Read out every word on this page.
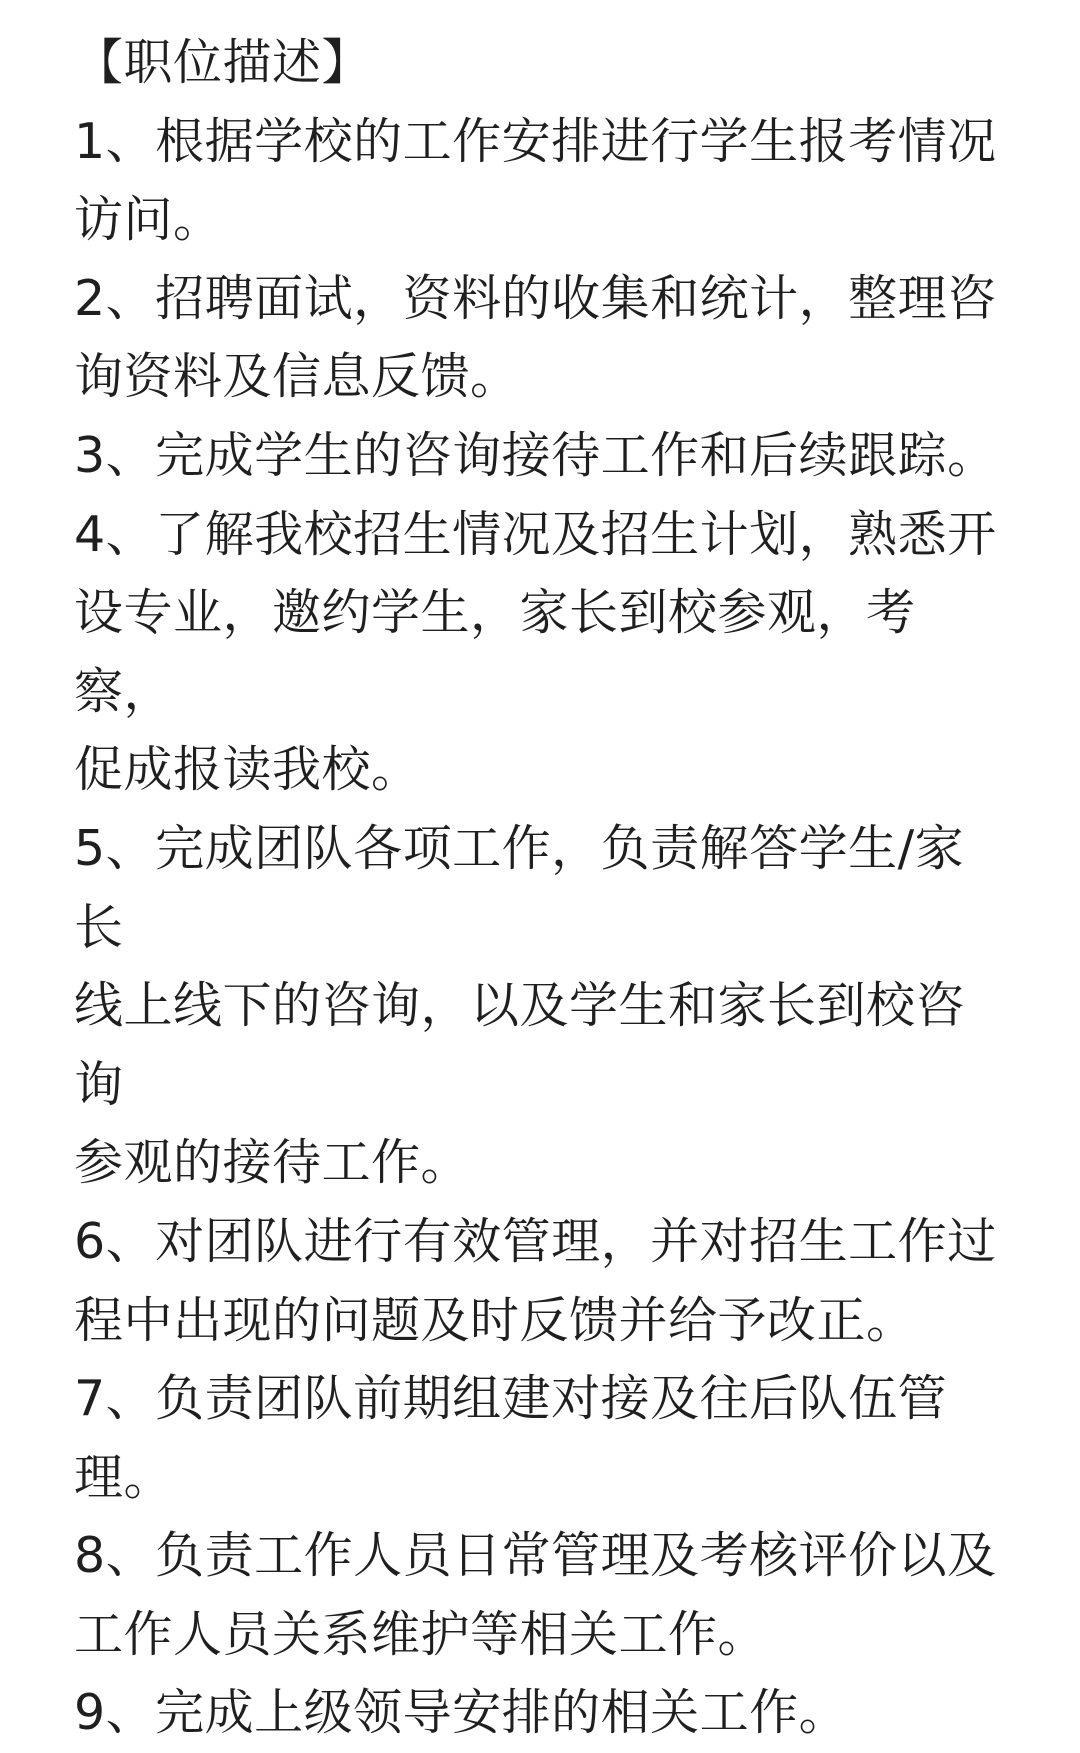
【职位描述】

1、根据学校的工作安排进行学生报考情况
访问。

2、招聘面试，资料的收集和统计，整理咨
询资料及信息反馈。

3、完成学生的咨询接待工作和后续跟踪。

4、了解我校招生情况及招生计划，熟悉开
设专业，邀约学生，家长到校参观，考察，
促成报读我校。

5、完成团队各项工作，负责解答学生/家长
线上线下的咨询，以及学生和家长到校咨询
参观的接待工作。

6、对团队进行有效管理，并对招生工作过
程中出现的问题及时反馈并给予改正。

7、负责团队前期组建对接及往后队伍管
理。

8、负责工作人员日常管理及考核评价以及
工作人员关系维护等相关工作。

9、完成上级领导安排的相关工作。
